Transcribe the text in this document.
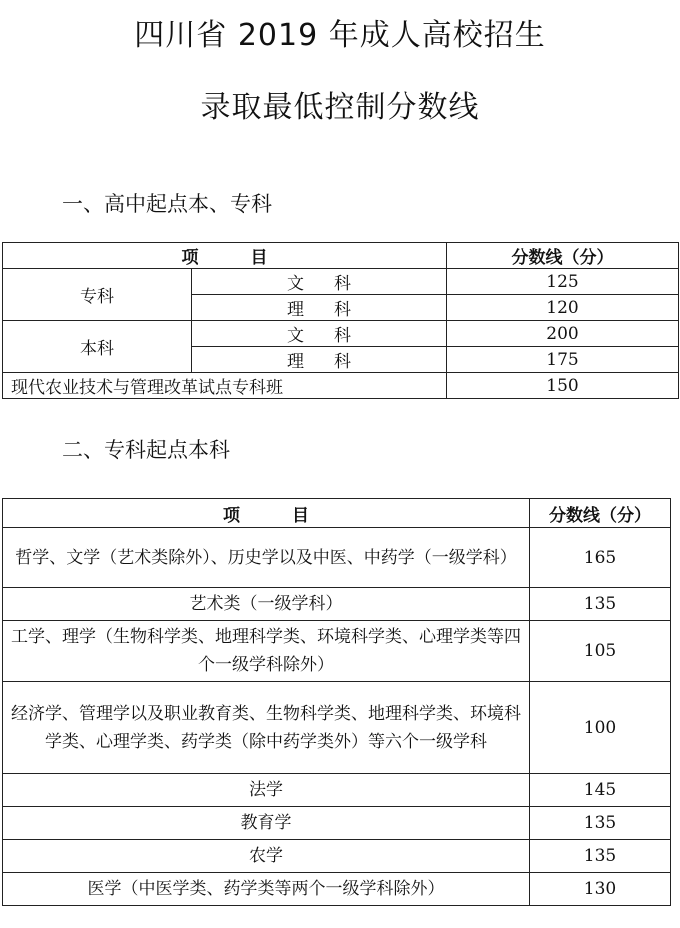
四川省 2019 年成人高校招生
录取最低控制分数线
一、高中起点本、专科
项目		分数线（分）
专科	文科	125
	理科	120
本科	文科	200
	理科	175
现代农业技术与管理改革试点专科班		150
二、专科起点本科
项目	分数线（分）
哲学、文学（艺术类除外）、历史学以及中医、中药学（一级学科）	165
艺术类（一级学科）	135
工学、理学（生物科学类、地理科学类、环境科学类、心理学类等四个一级学科除外）	105
经济学、管理学以及职业教育类、生物科学类、地理科学类、环境科学类、心理学类、药学类（除中药学类外）等六个一级学科	100
法学	145
教育学	135
农学	135
医学（中医学类、药学类等两个一级学科除外）	130
